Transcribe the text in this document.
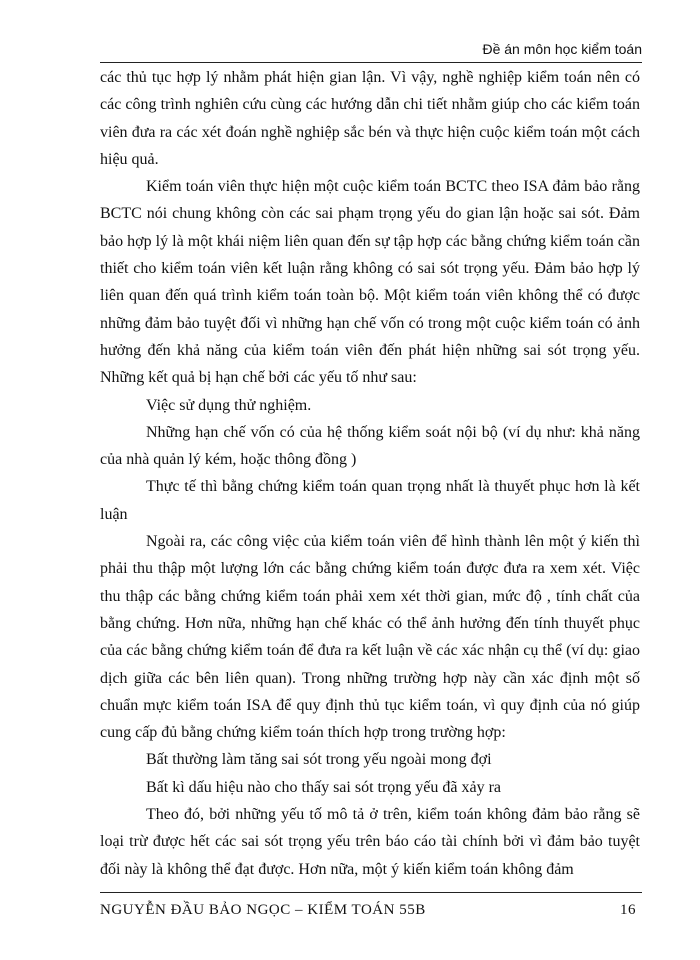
Đề án môn học kiểm toán

các thủ tục hợp lý nhằm phát hiện gian lận. Vì vậy, nghề nghiệp kiểm toán nên có các công trình nghiên cứu cùng các hướng dẫn chi tiết nhằm giúp cho các kiểm toán viên đưa ra các xét đoán nghề nghiệp sắc bén và thực hiện cuộc kiểm toán một cách hiệu quả.

Kiểm toán viên thực hiện một cuộc kiểm toán BCTC theo ISA đảm bảo rằng BCTC nói chung không còn các sai phạm trọng yếu do gian lận hoặc sai sót. Đảm bảo hợp lý là một khái niệm liên quan đến sự tập hợp các bằng chứng kiểm toán cần thiết cho kiểm toán viên kết luận rằng không có sai sót trọng yếu. Đảm bảo hợp lý liên quan đến quá trình kiểm toán toàn bộ. Một kiểm toán viên không thể có được những đảm bảo tuyệt đối vì những hạn chế vốn có trong một cuộc kiểm toán có ảnh hưởng đến khả năng của kiểm toán viên đến phát hiện những sai sót trọng yếu. Những kết quả bị hạn chế bởi các yếu tố như sau:

Việc sử dụng thử nghiệm.

Những hạn chế vốn có của hệ thống kiểm soát nội bộ (ví dụ như: khả năng của nhà quản lý kém, hoặc thông đồng )

Thực tế thì bằng chứng kiểm toán quan trọng nhất là thuyết phục hơn là kết luận

Ngoài ra, các công việc của kiểm toán viên để hình thành lên một ý kiến thì phải thu thập một lượng lớn các bằng chứng kiểm toán được đưa ra xem xét. Việc thu thập các bằng chứng kiểm toán phải xem xét thời gian, mức độ , tính chất của bằng chứng. Hơn nữa, những hạn chế khác có thể ảnh hưởng đến tính thuyết phục của các bằng chứng kiểm toán để đưa ra kết luận về các xác nhận cụ thể (ví dụ: giao dịch giữa các bên liên quan). Trong những trường hợp này cần xác định một số chuẩn mực kiểm toán ISA để quy định thủ tục kiểm toán, vì quy định của nó giúp cung cấp đủ bằng chứng kiểm toán thích hợp trong trường hợp:

Bất thường làm tăng sai sót trong yếu ngoài mong đợi

Bất kì dấu hiệu nào cho thấy sai sót trọng yếu đã xảy ra

Theo đó, bởi những yếu tố mô tả ở trên, kiểm toán không đảm bảo rằng sẽ loại trừ được hết các sai sót trọng yếu trên báo cáo tài chính bởi vì đảm bảo tuyệt đối này là không thể đạt được. Hơn nữa, một ý kiến kiểm toán không đảm

NGUYỄN ĐẦU BẢO NGỌC – KIỂM TOÁN 55B	16
